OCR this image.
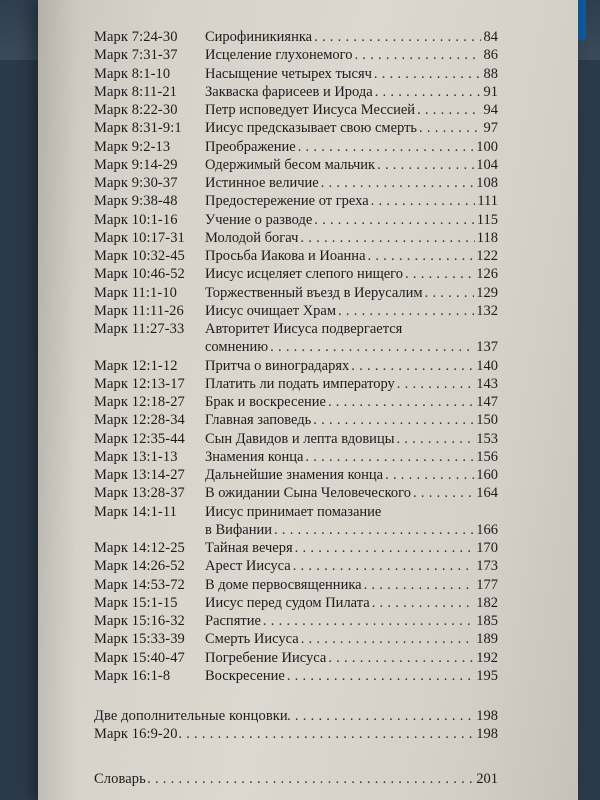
Марк 7:24-30 Сирофиникиянка . . .	84
Марк 7:31-37 Исцеление глухонемого . . .	86
Марк 8:1-10 Насыщение четырех тысяч . . .	88
Марк 8:11-21 Закваска фарисеев и Ирода . . .	91
Марк 8:22-30 Петр исповедует Иисуса Мессией . . .	94
Марк 8:31-9:1 Иисус предсказывает свою смерть . . .	97
Марк 9:2-13 Преображение . . .	100
Марк 9:14-29 Одержимый бесом мальчик . . .	104
Марк 9:30-37 Истинное величие . . .	108
Марк 9:38-48 Предостережение от греха . . .	111
Марк 10:1-16 Учение о разводе . . .	115
Марк 10:17-31 Молодой богач . . .	118
Марк 10:32-45 Просьба Иакова и Иоанна . . .	122
Марк 10:46-52 Иисус исцеляет слепого нищего . . .	126
Марк 11:1-10 Торжественный въезд в Иерусалим . . .	129
Марк 11:11-26 Иисус очищает Храм . . .	132
Марк 11:27-33 Авторитет Иисуса подвергается
сомнению . . .	137
Марк 12:1-12 Притча о виноградарях . . .	140
Марк 12:13-17 Платить ли подать императору . . .	143
Марк 12:18-27 Брак и воскресение . . .	147
Марк 12:28-34 Главная заповедь . . .	150
Марк 12:35-44 Сын Давидов и лепта вдовицы . . .	153
Марк 13:1-13 Знамения конца . . .	156
Марк 13:14-27 Дальнейшие знамения конца . . .	160
Марк 13:28-37 В ожидании Сына Человеческого . . .	164
Марк 14:1-11 Иисус принимает помазание
в Вифании . . .	166
Марк 14:12-25 Тайная вечеря . . .	170
Марк 14:26-52 Арест Иисуса . . .	173
Марк 14:53-72 В доме первосвященника . . .	177
Марк 15:1-15 Иисус перед судом Пилата . . .	182
Марк 15:16-32 Распятие . . .	185
Марк 15:33-39 Смерть Иисуса . . .	189
Марк 15:40-47 Погребение Иисуса . . .	192
Марк 16:1-8 Воскресение . . .	195
Две дополнительные концовки . . .	198
Марк 16:9-20 . . .	198
Словарь . . .	201
